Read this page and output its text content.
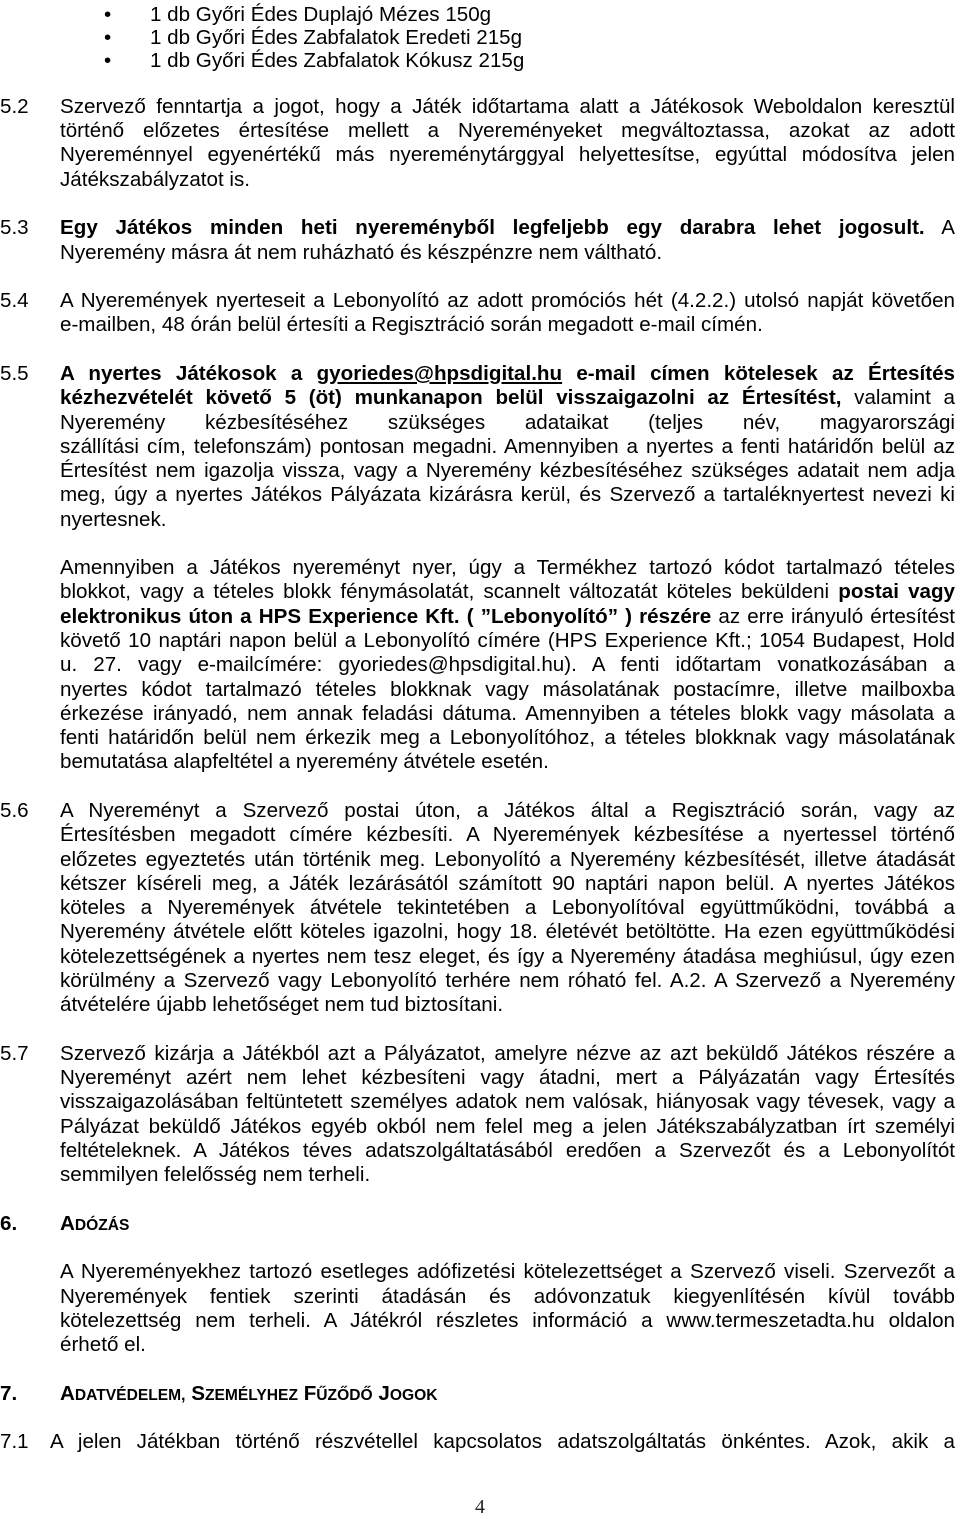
• 1 db Győri Édes Duplajó Mézes 150g
• 1 db Győri Édes Zabfalatok Eredeti 215g
• 1 db Győri Édes Zabfalatok Kókusz 215g
5.2 Szervező fenntartja a jogot, hogy a Játék időtartama alatt a Játékosok Weboldalon keresztül
történő előzetes értesítése mellett a Nyereményeket megváltoztassa, azokat az adott
Nyereménnyel egyenértékű más nyereménytárggyal helyettesítse, egyúttal módosítva jelen
Játékszabályzatot is.
5.3 Egy Játékos minden heti nyereményből legfeljebb egy darabra lehet jogosult. A
Nyeremény másra át nem ruházható és készpénzre nem váltható.
5.4 A Nyeremények nyerteseit a Lebonyolító az adott promóciós hét (4.2.2.) utolsó napját követően
e-mailben, 48 órán belül értesíti a Regisztráció során megadott e-mail címén.
5.5 A nyertes Játékosok a gyoriedes@hpsdigital.hu e-mail címen kötelesek az Értesítés
kézhezvételét követő 5 (öt) munkanapon belül visszaigazolni az Értesítést, valamint a
Nyeremény kézbesítéséhez szükséges adataikat (teljes név, magyarországi
szállítási cím, telefonszám) pontosan megadni. Amennyiben a nyertes a fenti határidőn belül az
Értesítést nem igazolja vissza, vagy a Nyeremény kézbesítéséhez szükséges adatait nem adja
meg, úgy a nyertes Játékos Pályázata kizárásra kerül, és Szervező a tartaléknyertest nevezi ki
nyertesnek.
Amennyiben a Játékos nyereményt nyer, úgy a Termékhez tartozó kódot tartalmazó tételes
blokkot, vagy a tételes blokk fénymásolatát, scannelt változatát köteles beküldeni postai vagy
elektronikus úton a HPS Experience Kft. ( ”Lebonyolító” ) részére az erre irányuló értesítést
követő 10 naptári napon belül a Lebonyolító címére (HPS Experience Kft.; 1054 Budapest, Hold
u. 27. vagy e-mailcímére: gyoriedes@hpsdigital.hu). A fenti időtartam vonatkozásában a
nyertes kódot tartalmazó tételes blokknak vagy másolatának postacímre, illetve mailboxba
érkezése irányadó, nem annak feladási dátuma. Amennyiben a tételes blokk vagy másolata a
fenti határidőn belül nem érkezik meg a Lebonyolítóhoz, a tételes blokknak vagy másolatának
bemutatása alapfeltétel a nyeremény átvétele esetén.
5.6 A Nyereményt a Szervező postai úton, a Játékos által a Regisztráció során, vagy az
Értesítésben megadott címére kézbesíti. A Nyeremények kézbesítése a nyertessel történő
előzetes egyeztetés után történik meg. Lebonyolító a Nyeremény kézbesítését, illetve átadását
kétszer kíséreli meg, a Játék lezárásától számított 90 naptári napon belül. A nyertes Játékos
köteles a Nyeremények átvétele tekintetében a Lebonyolítóval együttműködni, továbbá a
Nyeremény átvétele előtt köteles igazolni, hogy 18. életévét betöltötte. Ha ezen együttműködési
kötelezettségének a nyertes nem tesz eleget, és így a Nyeremény átadása meghiúsul, úgy ezen
körülmény a Szervező vagy Lebonyolító terhére nem róható fel. A.2. A Szervező a Nyeremény
átvételére újabb lehetőséget nem tud biztosítani.
5.7 Szervező kizárja a Játékból azt a Pályázatot, amelyre nézve az azt beküldő Játékos részére a
Nyereményt azért nem lehet kézbesíteni vagy átadni, mert a Pályázatán vagy Értesítés
visszaigazolásában feltüntetett személyes adatok nem valósak, hiányosak vagy tévesek, vagy a
Pályázat beküldő Játékos egyéb okból nem felel meg a jelen Játékszabályzatban írt személyi
feltételeknek. A Játékos téves adatszolgáltatásából eredően a Szervezőt és a Lebonyolítót
semmilyen felelősség nem terheli.
6. ADÓZÁS
A Nyereményekhez tartozó esetleges adófizetési kötelezettséget a Szervező viseli. Szervezőt a
Nyeremények fentiek szerinti átadásán és adóvonzatuk kiegyenlítésén kívül tovább
kötelezettség nem terheli. A Játékról részletes információ a www.termeszetadta.hu oldalon
érhető el.
7. ADATVÉDELEM, SZEMÉLYHEZ FŰZŐDŐ JOGOK
7.1 A jelen Játékban történő részvétellel kapcsolatos adatszolgáltatás önkéntes. Azok, akik a
4
